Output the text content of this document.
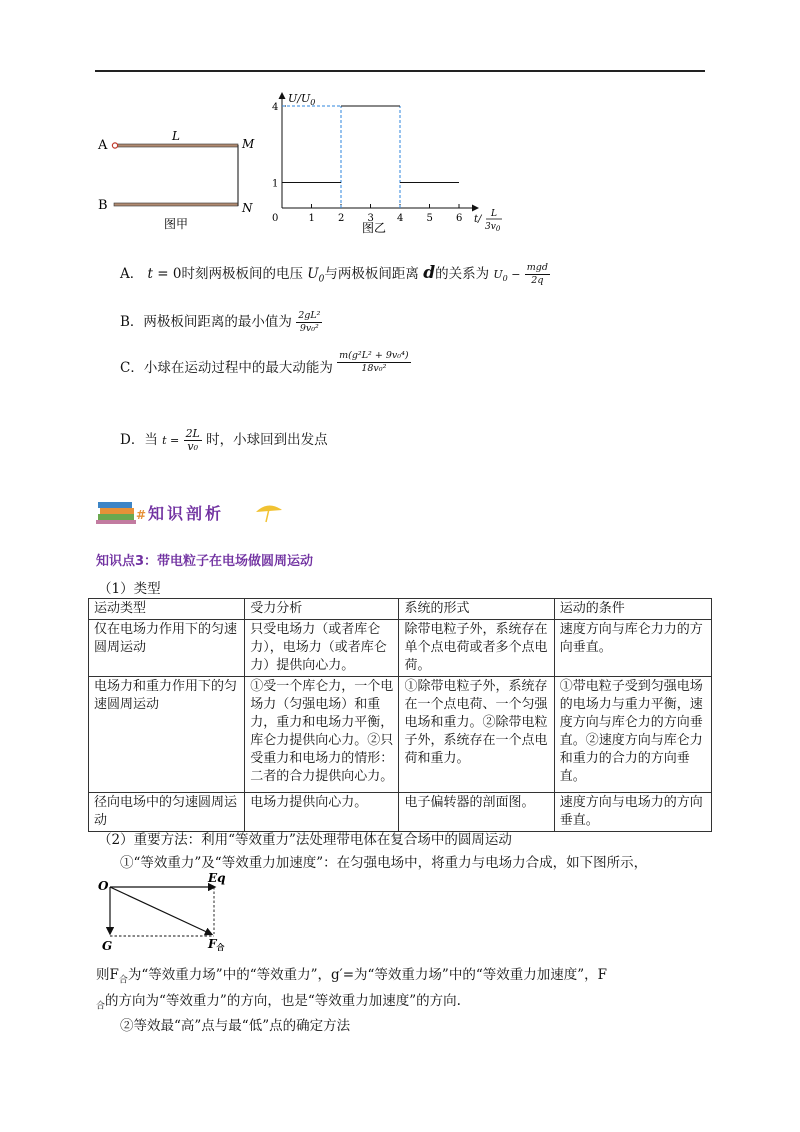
A
B
L
M
N
图甲	1 2 3 4 5 6
1
4
$U/U_0$
t/ L
$3v_0$
0
图乙
A． t = 0时刻两极板间的电压 $U_0$与两极板间距离 d的关系为 $U_0 - \frac{\text{mgd}}{2q}$
B．两极板间距离的最小值为 $\frac{\text{2gL²}}{\text{9v₀²}}$
C．小球在运动过程中的最大动能为 $\frac{\text{m(g²L² + 9v₀⁴)}}{\text{18v₀²}}$
D．当 $t = \frac{2L}{\text{v₀}}$ 时，小球回到出发点
# 知识剖析
知识点3：带电粒子在电场做圆周运动
（1）类型
运动类型	受力分析	系统的形式	运动的条件
仅在电场力作用下的匀速圆周运动	只受电场力（或者库仑力），电场力（或者库仑力）提供向心力。	除带电粒子外，系统存在单个点电荷或者多个点电荷。	速度方向与库仑力力的方向垂直。
电场力和重力作用下的匀速圆周运动	①受一个库仑力，一个电场力（匀强电场）和重力，重力和电场力平衡，库仑力提供向心力。②只受重力和电场力的情形：二者的合力提供向心力。	①除带电粒子外，系统存在一个点电荷、一个匀强电场和重力。②除带电粒子外，系统存在一个点电荷和重力。	①带电粒子受到匀强电场的电场力与重力平衡，速度方向与库仑力的方向垂直。②速度方向与库仑力和重力的合力的方向垂直。
径向电场中的匀速圆周运动	电场力提供向心力。	电子偏转器的剖面图。	速度方向与电场力的方向垂直。
（2）重要方法：利用“等效重力”法处理带电体在复合场中的圆周运动
①“等效重力”及“等效重力加速度”：在匀强电场中，将重力与电场力合成，如下图所示，
O
Eq
G	F合
则$F_合$为“等效重力场”中的“等效重力”，g′=为“等效重力场”中的“等效重力加速度”，F
$_合$的方向为“等效重力”的方向，也是“等效重力加速度”的方向.
②等效最“高”点与最“低”点的确定方法
